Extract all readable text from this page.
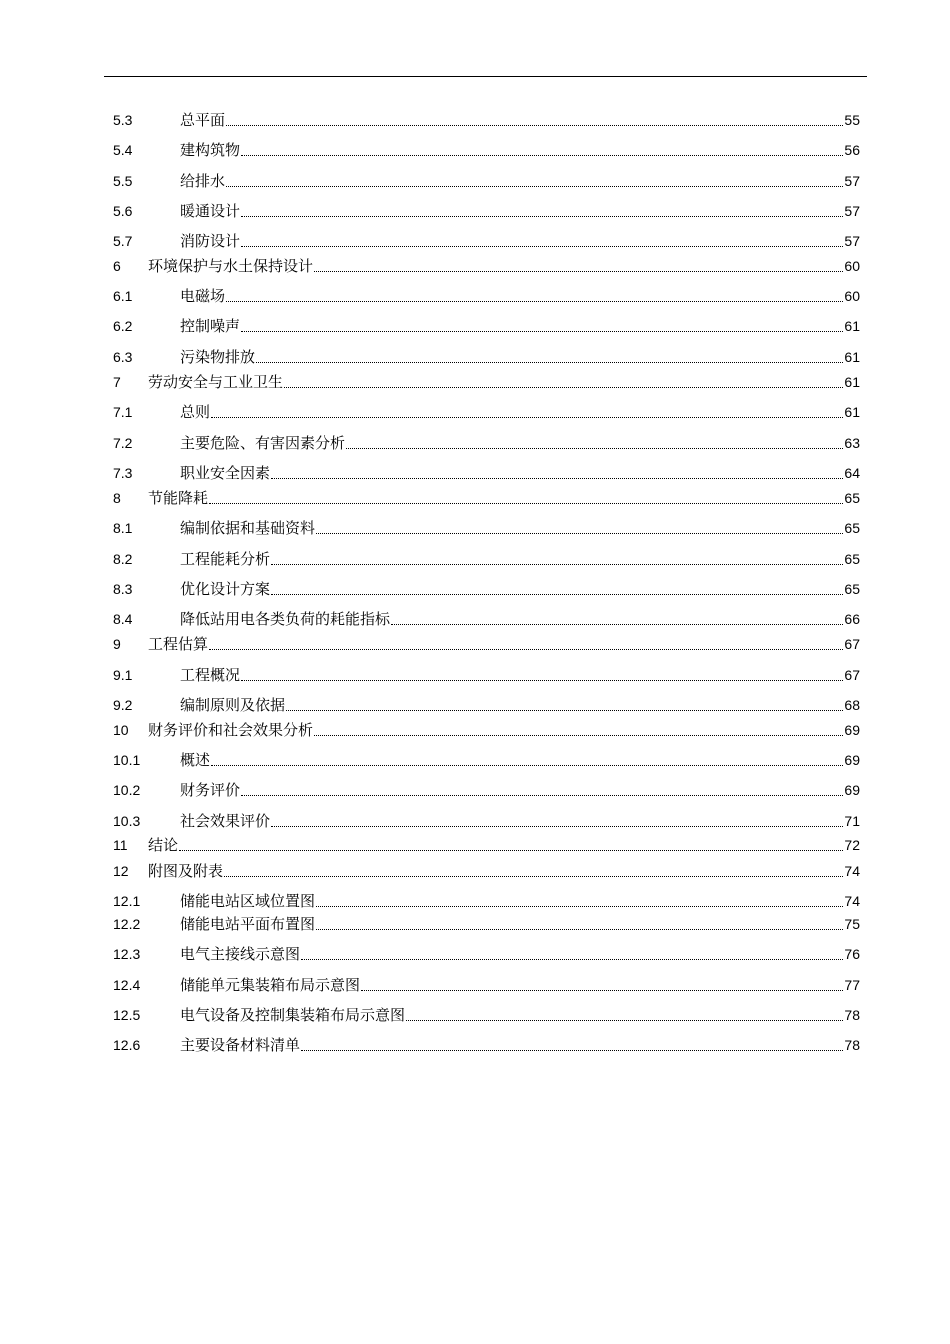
5.3	总平面	55
5.4	建构筑物	56
5.5	给排水	57
5.6	暖通设计	57
5.7	消防设计	57
6	环境保护与水土保持设计	60
6.1	电磁场	60
6.2	控制噪声	61
6.3	污染物排放	61
7	劳动安全与工业卫生	61
7.1	总则	61
7.2	主要危险、有害因素分析	63
7.3	职业安全因素	64
8	节能降耗	65
8.1	编制依据和基础资料	65
8.2	工程能耗分析	65
8.3	优化设计方案	65
8.4	降低站用电各类负荷的耗能指标	66
9	工程估算	67
9.1	工程概况	67
9.2	编制原则及依据	68
10	财务评价和社会效果分析	69
10.1	概述	69
10.2	财务评价	69
10.3	社会效果评价	71
11	结论	72
12	附图及附表	74
12.1	储能电站区域位置图	74
12.2	储能电站平面布置图	75
12.3	电气主接线示意图	76
12.4	储能单元集装箱布局示意图	77
12.5	电气设备及控制集装箱布局示意图	78
12.6	主要设备材料清单	78
